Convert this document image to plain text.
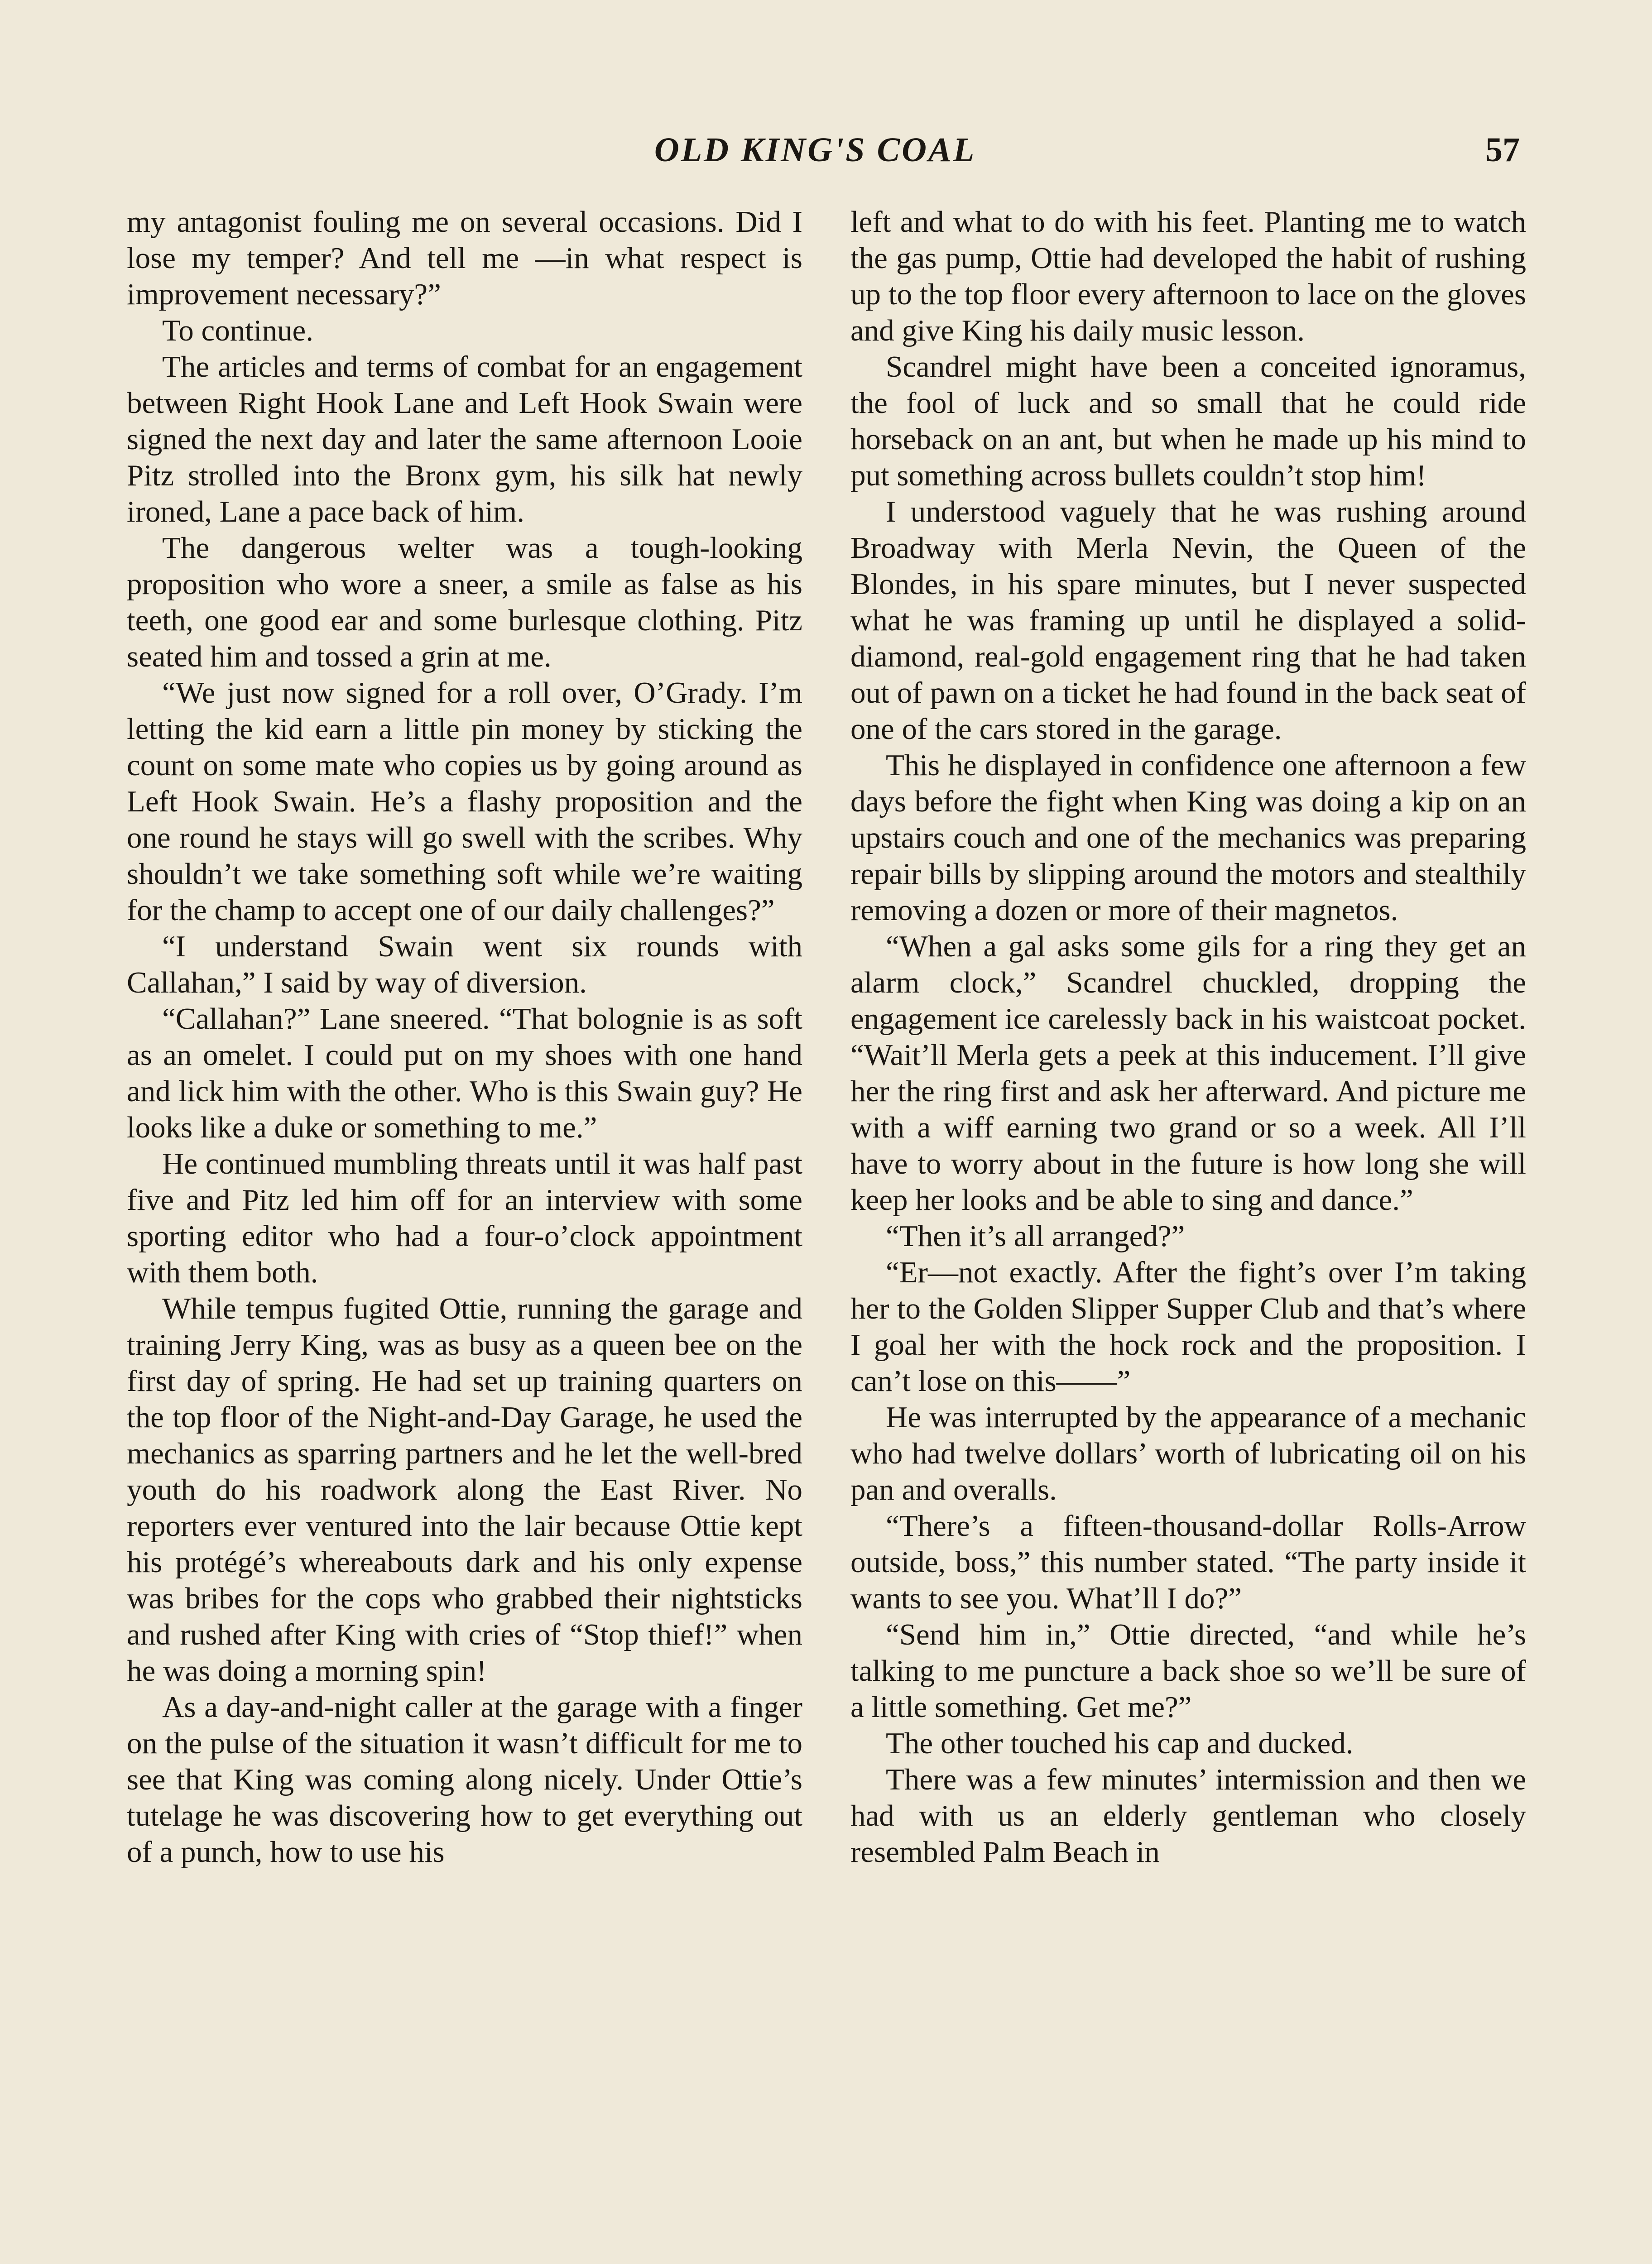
OLD KING'S COAL	57

my antagonist fouling me on several occasions. Did I lose my temper? And tell me —in what respect is improvement necessary?”

To continue.

The articles and terms of combat for an engagement between Right Hook Lane and Left Hook Swain were signed the next day and later the same afternoon Looie Pitz strolled into the Bronx gym, his silk hat newly ironed, Lane a pace back of him.

The dangerous welter was a tough-looking proposition who wore a sneer, a smile as false as his teeth, one good ear and some burlesque clothing. Pitz seated him and tossed a grin at me.

“We just now signed for a roll over, O’Grady. I’m letting the kid earn a little pin money by sticking the count on some mate who copies us by going around as Left Hook Swain. He’s a flashy proposition and the one round he stays will go swell with the scribes. Why shouldn’t we take something soft while we’re waiting for the champ to accept one of our daily challenges?”

“I understand Swain went six rounds with Callahan,” I said by way of diversion.

“Callahan?” Lane sneered. “That bolognie is as soft as an omelet. I could put on my shoes with one hand and lick him with the other. Who is this Swain guy? He looks like a duke or something to me.”

He continued mumbling threats until it was half past five and Pitz led him off for an interview with some sporting editor who had a four-o’clock appointment with them both.

While tempus fugited Ottie, running the garage and training Jerry King, was as busy as a queen bee on the first day of spring. He had set up training quarters on the top floor of the Night-and-Day Garage, he used the mechanics as sparring partners and he let the well-bred youth do his roadwork along the East River. No reporters ever ventured into the lair because Ottie kept his protégé’s whereabouts dark and his only expense was bribes for the cops who grabbed their nightsticks and rushed after King with cries of “Stop thief!” when he was doing a morning spin!

As a day-and-night caller at the garage with a finger on the pulse of the situation it wasn’t difficult for me to see that King was coming along nicely. Under Ottie’s tutelage he was discovering how to get everything out of a punch, how to use his

left and what to do with his feet. Planting me to watch the gas pump, Ottie had developed the habit of rushing up to the top floor every afternoon to lace on the gloves and give King his daily music lesson.

Scandrel might have been a conceited ignoramus, the fool of luck and so small that he could ride horseback on an ant, but when he made up his mind to put something across bullets couldn’t stop him!

I understood vaguely that he was rushing around Broadway with Merla Nevin, the Queen of the Blondes, in his spare minutes, but I never suspected what he was framing up until he displayed a solid-diamond, real-gold engagement ring that he had taken out of pawn on a ticket he had found in the back seat of one of the cars stored in the garage.

This he displayed in confidence one afternoon a few days before the fight when King was doing a kip on an upstairs couch and one of the mechanics was preparing repair bills by slipping around the motors and stealthily removing a dozen or more of their magnetos.

“When a gal asks some gils for a ring they get an alarm clock,” Scandrel chuckled, dropping the engagement ice carelessly back in his waistcoat pocket. “Wait’ll Merla gets a peek at this inducement. I’ll give her the ring first and ask her afterward. And picture me with a wiff earning two grand or so a week. All I’ll have to worry about in the future is how long she will keep her looks and be able to sing and dance.”

“Then it’s all arranged?”

“Er—not exactly. After the fight’s over I’m taking her to the Golden Slipper Supper Club and that’s where I goal her with the hock rock and the proposition. I can’t lose on this——”

He was interrupted by the appearance of a mechanic who had twelve dollars’ worth of lubricating oil on his pan and overalls.

“There’s a fifteen-thousand-dollar Rolls-Arrow outside, boss,” this number stated. “The party inside it wants to see you. What’ll I do?”

“Send him in,” Ottie directed, “and while he’s talking to me puncture a back shoe so we’ll be sure of a little something. Get me?”

The other touched his cap and ducked.

There was a few minutes’ intermission and then we had with us an elderly gentleman who closely resembled Palm Beach in
